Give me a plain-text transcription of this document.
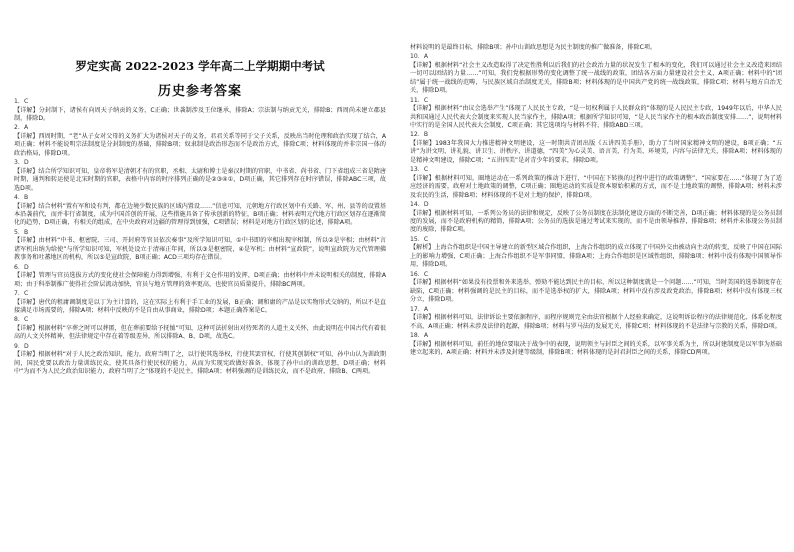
罗定实高 2022-2023 学年高二上学期期中考试
历史参考答案
1．C
【详解】分封制下，诸侯有向周天子纳贡的义务，C正确；世袭制涉及王位继承，排除A；宗法制与纳贡无关，排除B；西周尚未建立郡县制，排除D。
2．A
【详解】西周时期，“老”从子女对父母的义务扩大为诸侯对天子的义务，君君关系等同于父子关系，反映出当时伦理和政治实现了结合，A项正确；材料不能说明宗法制度是分封制度的基础，排除B项；奴隶制是政治形态而不是政治方式，排除C项；材料体现的并非宗国一体的政治格局，排除D项。
3．D
【详解】结合所学知识可知，皇帝将军是清朝才有的官职，丞相、太尉和博士是秦汉时期的官职，中书省、尚书省、门下省组成三省是隋唐时期，通判和转运使是北宋时期的官职，表格中内容的时序排列正确的是②③④①，D项正确，其它排列存在时序错误，排除ABC三项，故选D项。
4．B
【详解】结合材料“置有军和设有判，都在边境少数民族的区域内置设……”信息可知，元朝地方行政区划中有关路、军、州、县等的设置基本沿袭前代，而并非行省制度，成为中国首创的开展，这些措施具备了传承创新的特征，B项正确；材料表明元代地方行政区划存在逐渐简化的趋势，D项正确，有相关的组成，在中央政府对边疆的管理得到加强，C项错误；材料是对地方行政区划的论述，排除A项。
5．B
【详解】由材料“中书、枢密院、三司、开封府等官员依次奏事”及所学知识可知，①中书即的宰相出现宰相制，所以②是宰相；由材料“言诸军机出纳为给使”与所学知识可知，军机处设立于清雍正年间，所以③是枢密院，④是军机；由材料“宣政院”，说明宣政院为元代管理佛教事务和吐蕃地区的机构，所以⑤是宣政院，B项正确；ACD三项均存在错误。
6．D
【详解】管理与官员选拔方式的变化使社会保障能力得到增强，有利于义仓作用的发挥，D项正确；由材料中并未说明相关的制度，排除A项；由于科举制推广使得社会阶层流动加快，官员与地方管理的效率更高，也使官员质量提升，排除BC两项。
7．C
【详解】唐代的租庸调制度是以丁为主计算的，这在实际上有利于手工业的发展，B正确；调和庸的产品是以实物形式交纳的，所以不是直接满足市场需要的，排除A项；材料中反映的不是自由从事商业，排除D项；本题正确答案是C。
8．C
【详解】根据材料“卒葬之时可以葬匿，但在葬前要给予抚恤”可知，这种可法折射出对待死者的人道主义关怀，由此说明在中国古代有着很高的人文关怀精神，但法律规定中存在着等级差异，所以排除A、B、D项，故选C。
9．D
【详解】根据材料“对于人民之政治知识，能力，政府当明了之，以行使其选举权，行使其罢官权，行使其创制权”可知，孙中山认为训政期间，国民党要以政治力量训练民众，使其具备行使民权的能力，从而为实现宪政做好准备，体现了孙中山的训政思想，D项正确；材料中“为而不为人民之政治知识能力，政府当明了之”体现的不是民主，排除A项；材料强调的是训练民众，而不是政府，排除B、C两项。
材料说明的是最终目标，排除B项；孙中山训政思想是为民主制度的推广做准备，排除C项。
10．A
【详解】根据材料“社会主义改造取得了决定性胜利以后我们的社会政治力量的状况发生了根本的变化，我们可以通过社会主义改造来团结一切可以团结的力量……”可知，我们党根据形势的变化调整了统一战线的政策，团结各方面力量建设社会主义，A项正确；材料中的“团结”属于统一战线的范畴，与民族区域自治制度无关，排除B项；材料体现的是中国共产党的统一战线政策，排除C项；材料与地方自治无关，排除D项。
11．C
【详解】根据材料“由议会选举产生”体现了人民民主专政，“是一切权利属于人民群众的”体现的是人民民主专政，1949年以后，中华人民共和国通过人民代表大会制度来实现人民当家作主，排除A项；根据所学知识可知，“是人民当家作主的根本政治制度安排……”，说明材料中实行的是全国人民代表大会制度，C项正确；其它选项均与材料不符，排除ABD三项。
12．B
【详解】1983年我国大力推进精神文明建设，这一时期共青团出版《五讲四美手册》，助力了当时国家精神文明的建设，B项正确；“五讲”为讲文明、讲礼貌、讲卫生、讲秩序、讲道德，“四美”为心灵美、语言美、行为美、环境美，内容与法律无关，排除A项；材料体现的是精神文明建设，排除C项；“五讲四美”是对青少年的要求，排除D项。
13．C
【详解】根据材料可知，圈地运动在一系列政策的推动下进行，“中国在下转换的过程中进行的政策调整”、“国家要在……”体现了为了适应经济的需要，政府对土地政策的调整，C项正确；圈地运动的实质是资本原始积累的方式，而不是土地政策的调整，排除A项；材料未涉及农民的生活，排除B项；材料体现的不是对土地的保护，排除D项。
14．D
【详解】根据材料可知，一系列公务员的法律和规定，反映了公务员制度在法制化建设方面的不断完善，D项正确；材料体现的是公务员制度的发展，而不是政府机构的精简，排除A项；公务员的选拔是通过考试来实现的，而不是由领导推荐，排除B项；材料并未体现公务员制度的废除，排除C项。
15．C
【解析】上海合作组织是中国主导建立的新型区域合作组织，上海合作组织的成立体现了中国外交由被动向主动的转变，反映了中国在国际上的影响力增强，C项正确；上海合作组织不是军事同盟，排除A项；上海合作组织是区域性组织，排除B项；材料中没有体现中国领导作用，排除D项。
16．C
【详解】根据材料“如果没有投票和外来选举，弹劾不能达到民主的目标，所以这种制度就是一个问题……”可知，当时美国的选举制度存在缺陷，C项正确；材料强调的是民主的目标，而不是选举权的扩大，排除A项；材料中没有涉及政党政治，排除B项；材料中没有体现三权分立，排除D项。
17．A
【详解】根据材料可知，法律诉讼主要依据程序，而程序规则完全由法官根据个人经验来确定，这说明诉讼程序的法律规范化、体系化程度不高，A项正确；材料未涉及法律的起源，排除B项；材料与罗马法的发展无关，排除C项；材料体现的不是法律与宗教的关系，排除D项。
18．A
【详解】根据材料可知，前任的地位要取决于战争中的表现，说明领主与封臣之间的关系，以军事关系为主，所以封建制度是以军事为基础建立起来的，A项正确；材料并未涉及封建等级制，排除B项；材料体现的是封君封臣之间的关系，排除CD两项。
